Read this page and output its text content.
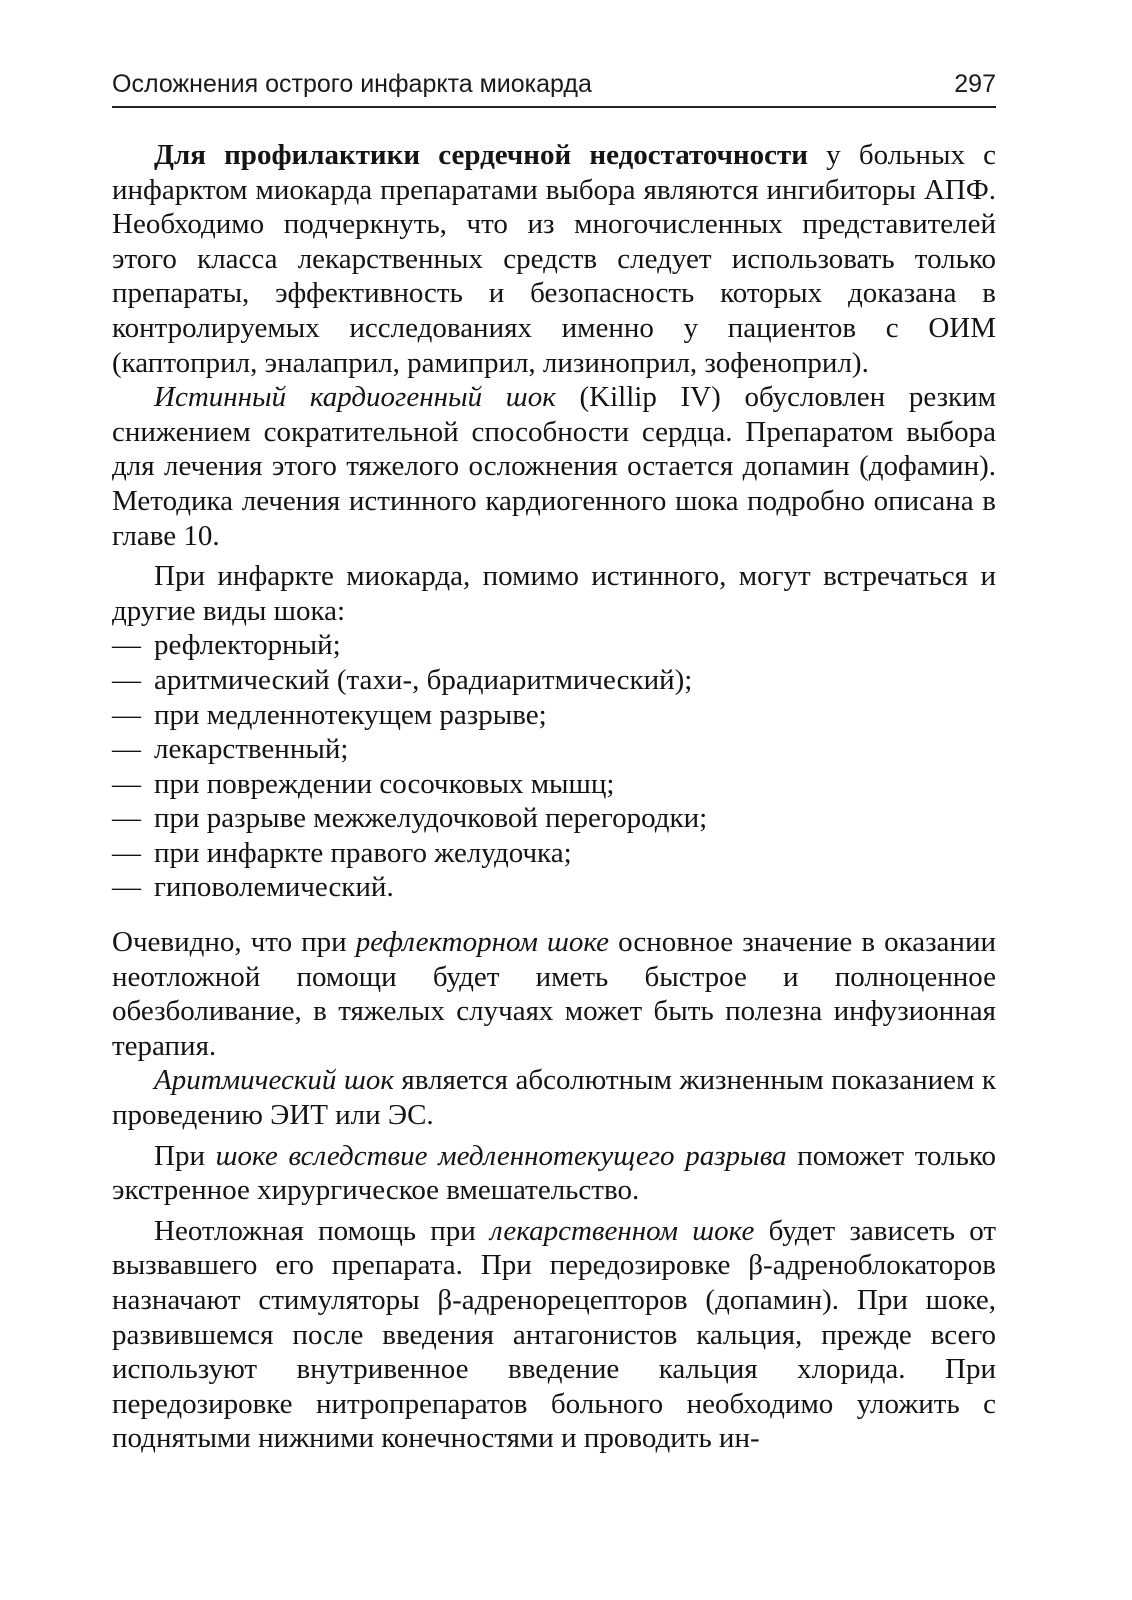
Осложнения острого инфаркта миокарда	297

Для профилактики сердечной недостаточности у больных с инфарктом миокарда препаратами выбора являются ингибиторы АПФ. Необходимо подчеркнуть, что из многочисленных представителей этого класса лекарственных средств следует использовать только препараты, эффективность и безопасность которых доказана в контролируемых исследованиях именно у пациентов с ОИМ (каптоприл, эналаприл, рамиприл, лизиноприл, зофеноприл).

Истинный кардиогенный шок (Killip IV) обусловлен резким снижением сократительной способности сердца. Препаратом выбора для лечения этого тяжелого осложнения остается допамин (дофамин). Методика лечения истинного кардиогенного шока подробно описана в главе 10.

При инфаркте миокарда, помимо истинного, могут встречаться и другие виды шока:

— рефлекторный;
— аритмический (тахи-, брадиаритмический);
— при медленнотекущем разрыве;
— лекарственный;
— при повреждении сосочковых мышц;
— при разрыве межжелудочковой перегородки;
— при инфаркте правого желудочка;
— гиповолемический.

Очевидно, что при рефлекторном шоке основное значение в оказании неотложной помощи будет иметь быстрое и полноценное обезболивание, в тяжелых случаях может быть полезна инфузионная терапия.

Аритмический шок является абсолютным жизненным показанием к проведению ЭИТ или ЭС.

При шоке вследствие медленнотекущего разрыва поможет только экстренное хирургическое вмешательство.

Неотложная помощь при лекарственном шоке будет зависеть от вызвавшего его препарата. При передозировке β-адреноблокаторов назначают стимуляторы β-адренорецепторов (допамин). При шоке, развившемся после введения антагонистов кальция, прежде всего используют внутривенное введение кальция хлорида. При передозировке нитропрепаратов больного необходимо уложить с поднятыми нижними конечностями и проводить ин-
